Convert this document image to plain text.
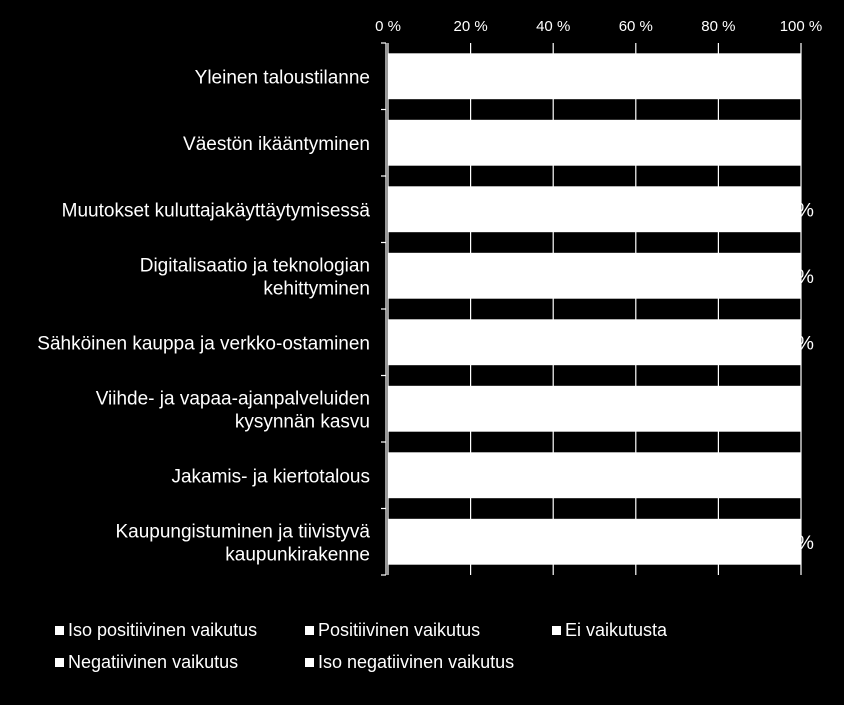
0 %	20 %	40 %	60 %	80 %	100 %
Yleinen taloustilanne
Väestön ikääntyminen
Muutokset kuluttajakäyttäytymisessä
Digitalisaatio ja teknologian
kehittyminen
Sähköinen kauppa ja verkko-ostaminen
Viihde- ja vapaa-ajanpalveluiden
kysynnän kasvu
Jakamis- ja kiertotalous
Kaupungistuminen ja tiivistyvä
kaupunkirakenne
%
%
%
%
Iso positiivinen vaikutus	Positiivinen vaikutus	Ei vaikutusta
Negatiivinen vaikutus	Iso negatiivinen vaikutus
